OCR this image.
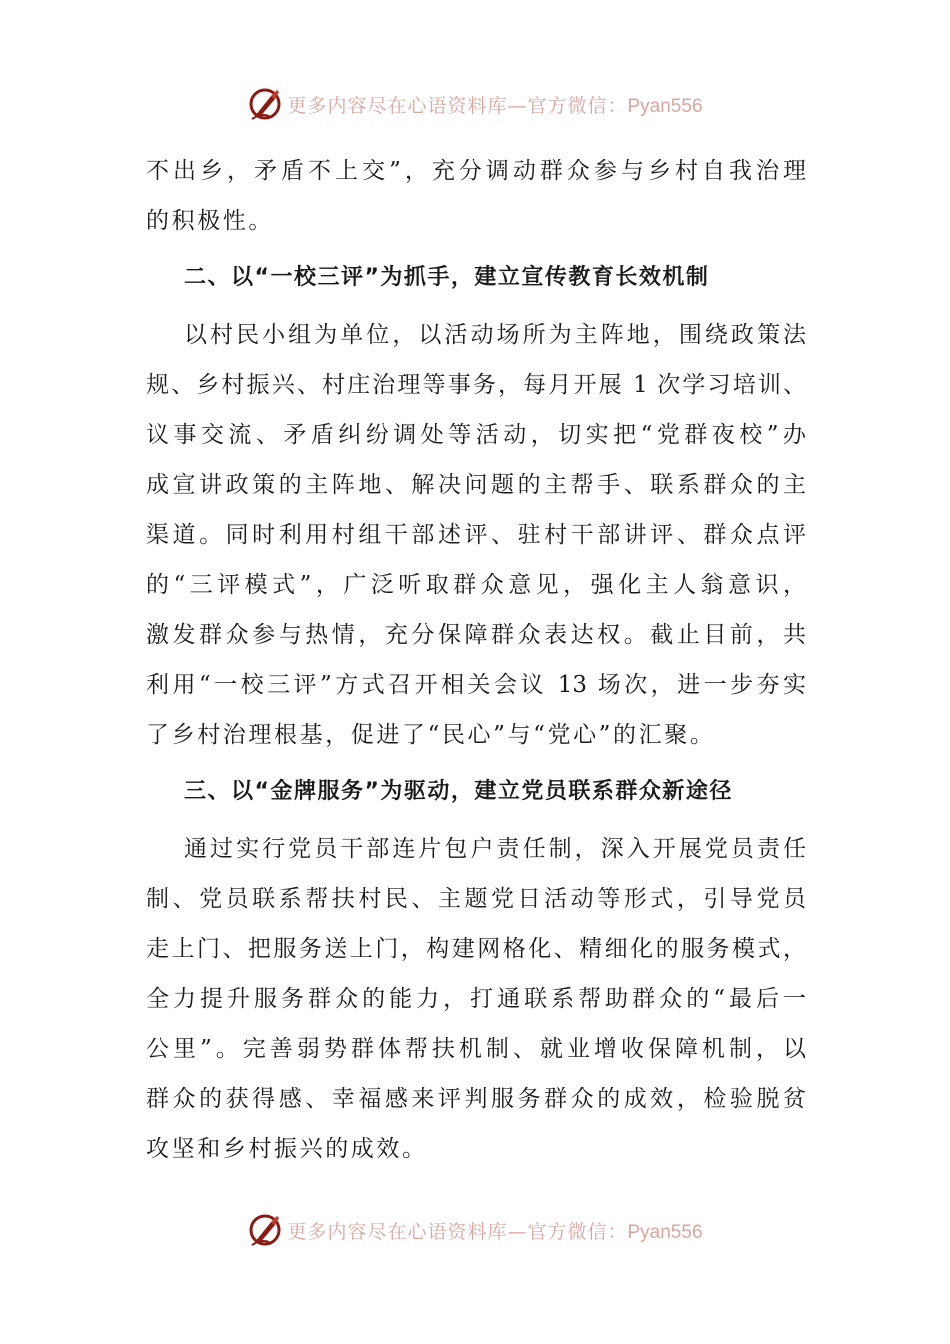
更多内容尽在心语资料库—官方微信：Pyan556
不出乡，矛盾不上交”，充分调动群众参与乡村自我治理
的积极性。
二、以“一校三评”为抓手，建立宣传教育长效机制
以村民小组为单位，以活动场所为主阵地，围绕政策法
规、乡村振兴、村庄治理等事务，每月开展 1 次学习培训、
议事交流、矛盾纠纷调处等活动，切实把“党群夜校”办
成宣讲政策的主阵地、解决问题的主帮手、联系群众的主
渠道。同时利用村组干部述评、驻村干部讲评、群众点评
的“三评模式”，广泛听取群众意见，强化主人翁意识，
激发群众参与热情，充分保障群众表达权。截止目前，共
利用“一校三评”方式召开相关会议 13 场次，进一步夯实
了乡村治理根基，促进了“民心”与“党心”的汇聚。
三、以“金牌服务”为驱动，建立党员联系群众新途径
通过实行党员干部连片包户责任制，深入开展党员责任
制、党员联系帮扶村民、主题党日活动等形式，引导党员
走上门、把服务送上门，构建网格化、精细化的服务模式，
全力提升服务群众的能力，打通联系帮助群众的“最后一
公里”。完善弱势群体帮扶机制、就业增收保障机制，以
群众的获得感、幸福感来评判服务群众的成效，检验脱贫
攻坚和乡村振兴的成效。
更多内容尽在心语资料库—官方微信：Pyan556
